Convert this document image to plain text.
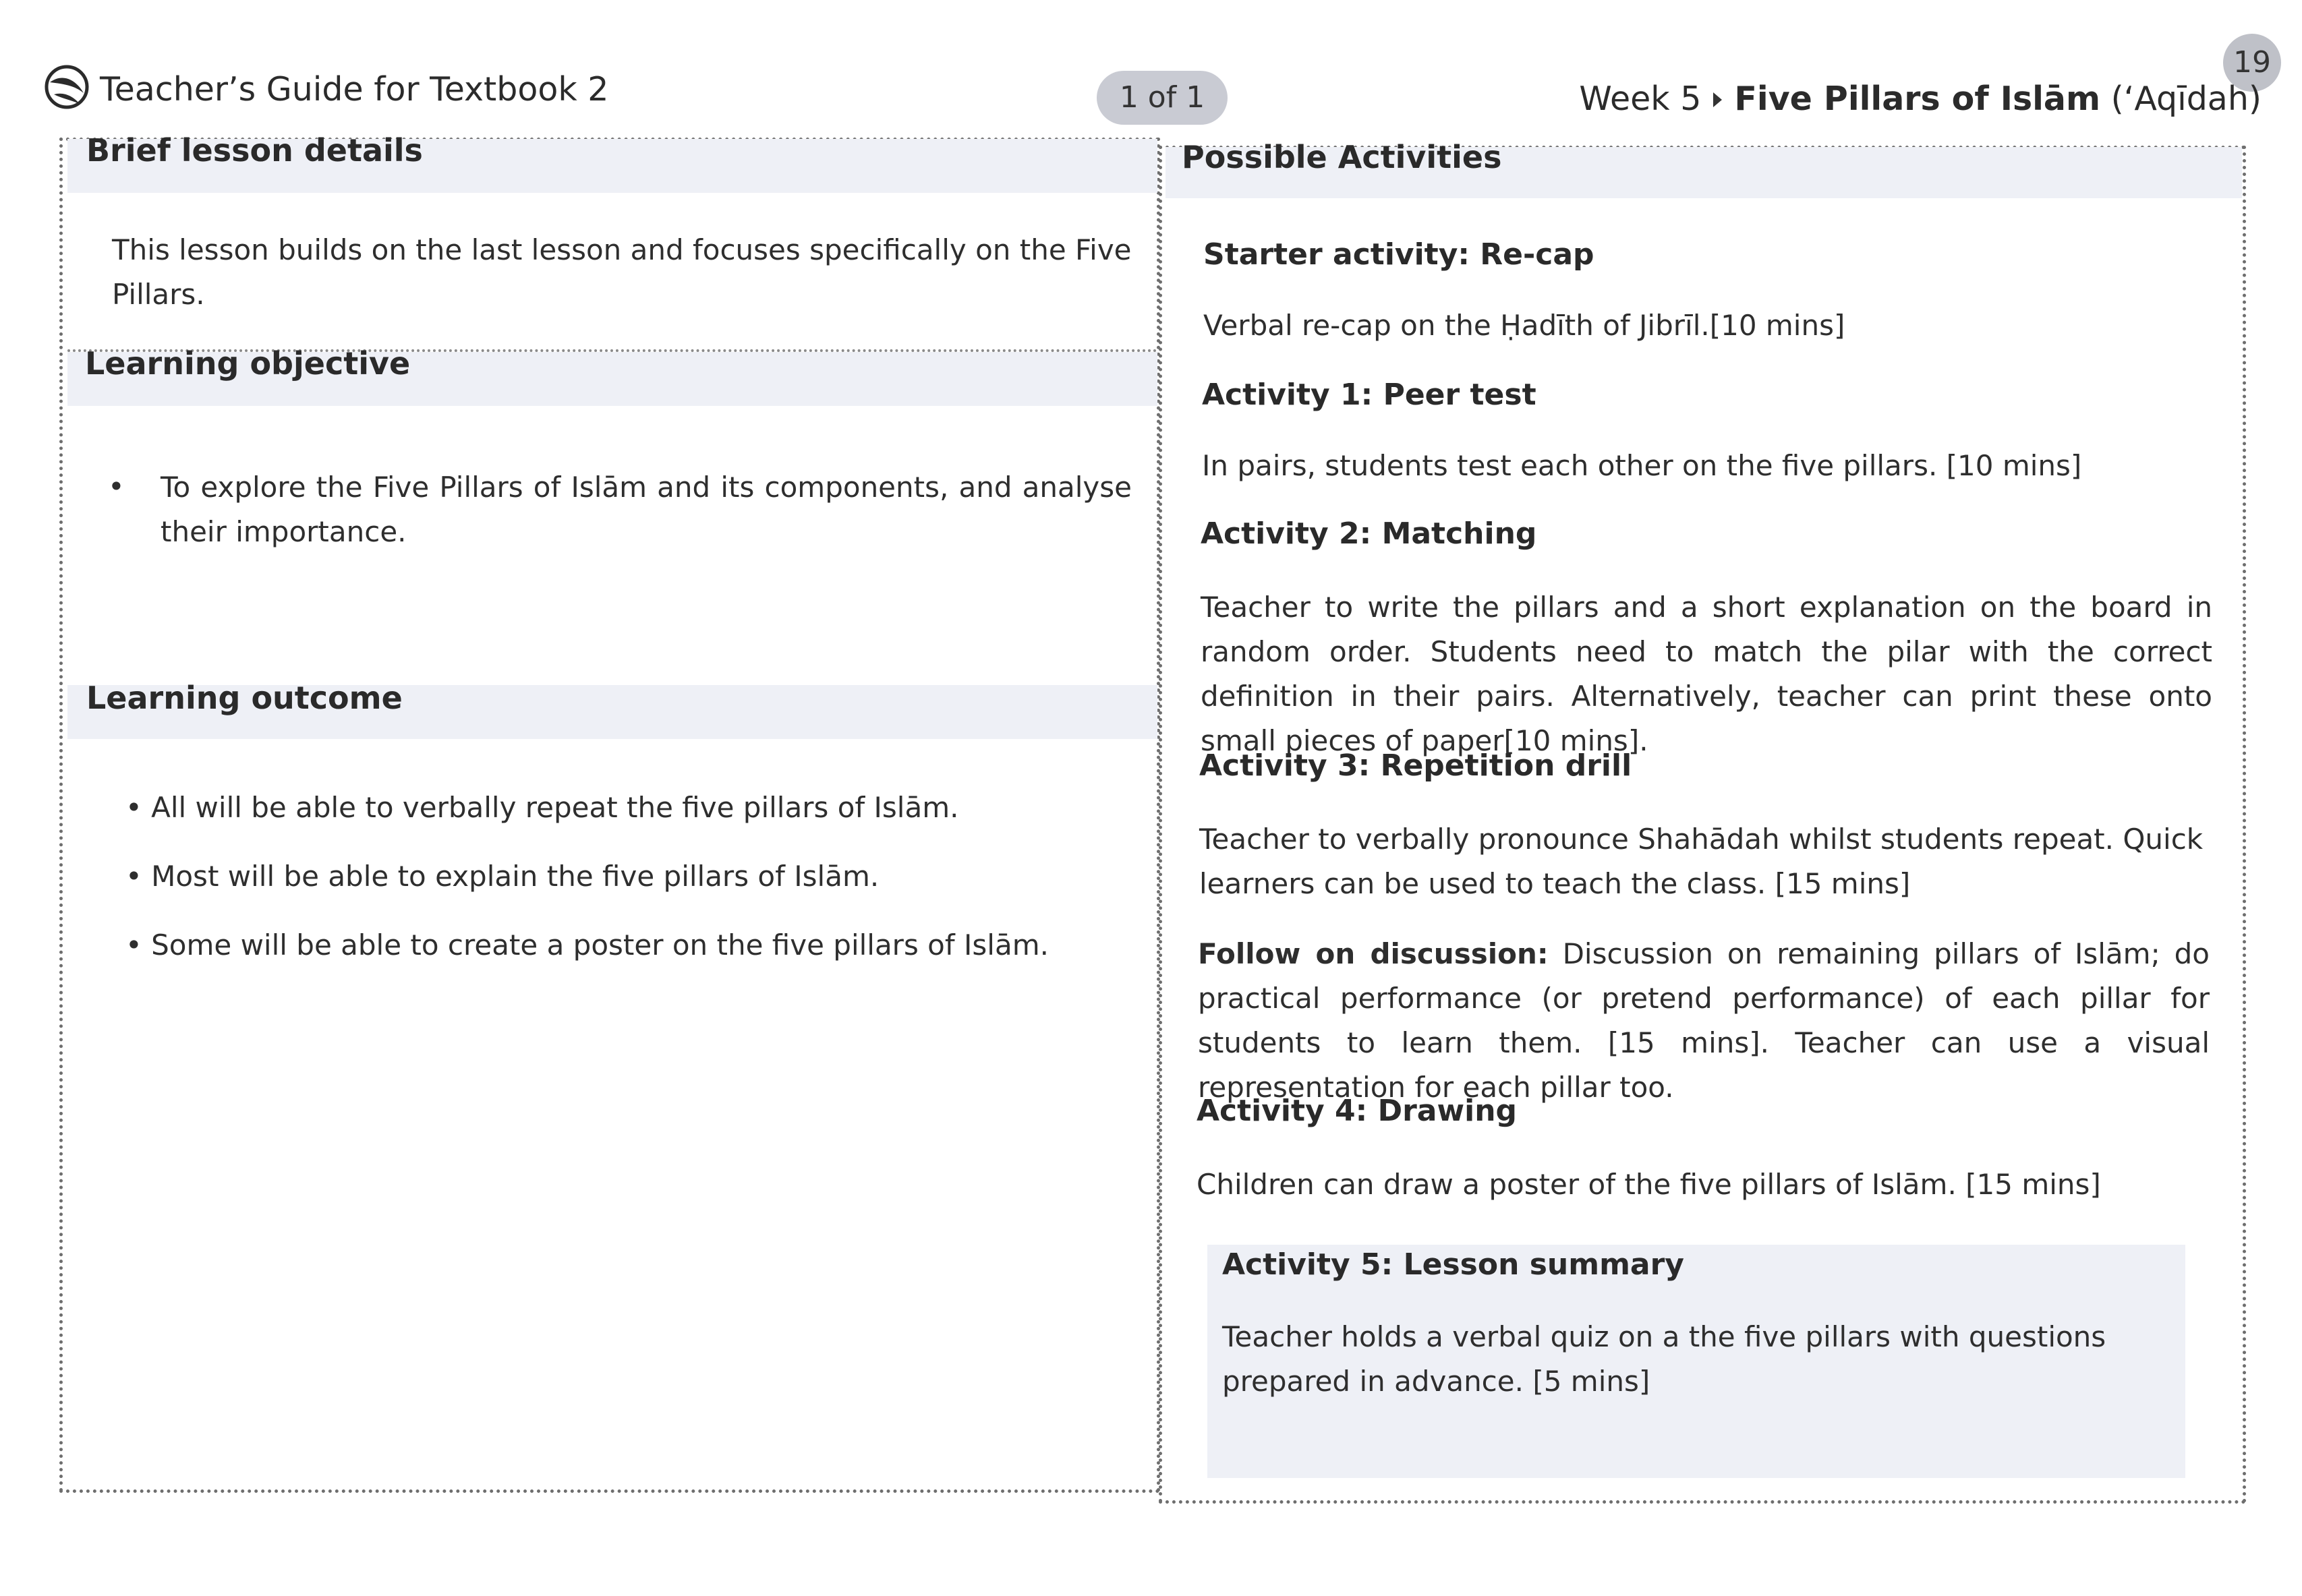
Teacher’s Guide for Textbook 2	1 of 1
19
Week 5 Five Pillars of Islām (‘Aqīdah)
Brief lesson details
This lesson builds on the last lesson and focuses specifically on the Five Pillars.
Learning objective
• To explore the Five Pillars of Islām and its components, and analyse their importance.
Learning outcome
• All will be able to verbally repeat the five pillars of Islām.
• Most will be able to explain the five pillars of Islām.
• Some will be able to create a poster on the five pillars of Islām.
Possible Activities
Starter activity: Re-cap
Verbal re-cap on the Ḥadīth of Jibrīl.[10 mins]
Activity 1: Peer test
In pairs, students test each other on the five pillars. [10 mins]
Activity 2: Matching
Teacher to write the pillars and a short explanation on the board in random order. Students need to match the pilar with the correct definition in their pairs. Alternatively, teacher can print these onto small pieces of paper[10 mins].
Activity 3: Repetition drill
Teacher to verbally pronounce Shahādah whilst students repeat. Quick learners can be used to teach the class. [15 mins]
Follow on discussion: Discussion on remaining pillars of Islām; do practical performance (or pretend performance) of each pillar for students to learn them. [15 mins]. Teacher can use a visual representation for each pillar too.
Activity 4: Drawing
Children can draw a poster of the five pillars of Islām. [15 mins]
Activity 5: Lesson summary
Teacher holds a verbal quiz on a the five pillars with questions prepared in advance. [5 mins]
